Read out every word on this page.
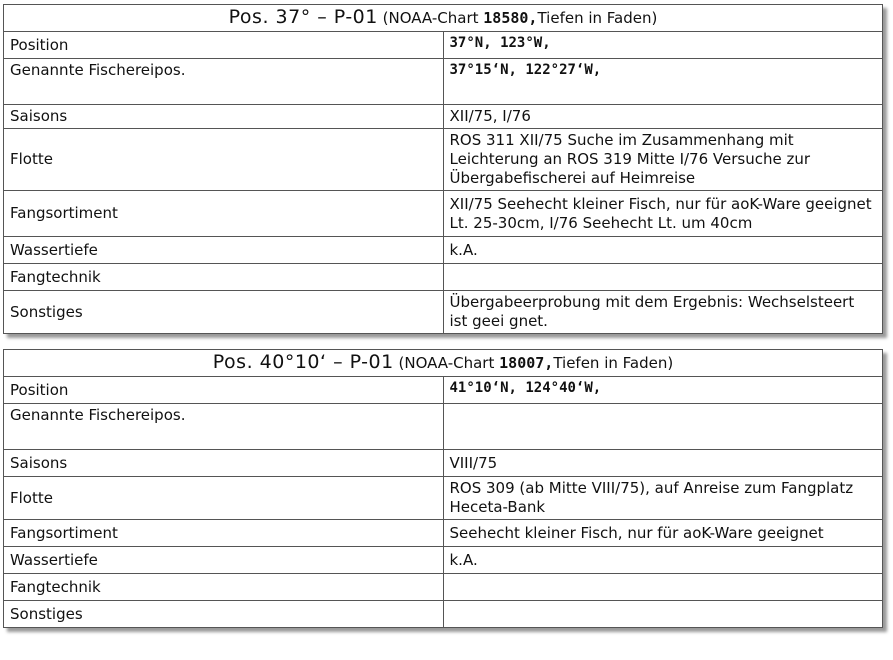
Pos. 37° – P-01 (NOAA-Chart 18580,Tiefen in Faden)	
Position	37°N, 123°W,
Genannte Fischereipos.	37°15‘N, 122°27‘W,
Saisons	XII/75, I/76
Flotte	ROS 311 XII/75 Suche im Zusammenhang mit Leichterung an ROS 319 Mitte I/76 Versuche zur Übergabefischerei auf Heimreise
Fangsortiment	XII/75 Seehecht kleiner Fisch, nur für aoK-Ware geeignet Lt. 25-30cm, I/76 Seehecht Lt. um 40cm
Wassertiefe	k.A.
Fangtechnik	
Sonstiges	Übergabeerprobung mit dem Ergebnis: Wechselsteert ist geei gnet.
Pos. 40°10‘ – P-01 (NOAA-Chart 18007,Tiefen in Faden)	
Position	41°10‘N, 124°40‘W,
Genannte Fischereipos.	
Saisons	VIII/75
Flotte	ROS 309 (ab Mitte VIII/75), auf Anreise zum Fangplatz Heceta-Bank
Fangsortiment	Seehecht kleiner Fisch, nur für aoK-Ware geeignet
Wassertiefe	k.A.
Fangtechnik	
Sonstiges	
